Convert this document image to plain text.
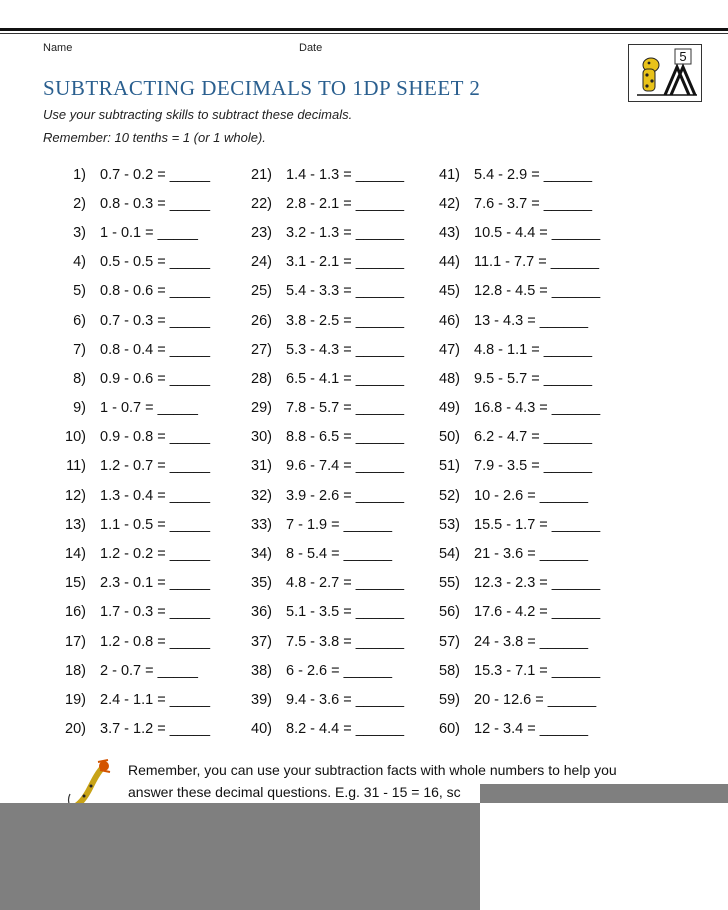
Name	Date
5
SUBTRACTING DECIMALS TO 1DP SHEET 2
Use your subtracting skills to subtract these decimals.
Remember: 10 tenths = 1 (or 1 whole).
1) 0.7 - 0.2 = _____
2) 0.8 - 0.3 = _____
3) 1 - 0.1 = _____
4) 0.5 - 0.5 = _____
5) 0.8 - 0.6 = _____
6) 0.7 - 0.3 = _____
7) 0.8 - 0.4 = _____
8) 0.9 - 0.6 = _____
9) 1 - 0.7 = _____
10) 0.9 - 0.8 = _____
11) 1.2 - 0.7 = _____
12) 1.3 - 0.4 = _____
13) 1.1 - 0.5 = _____
14) 1.2 - 0.2 = _____
15) 2.3 - 0.1 = _____
16) 1.7 - 0.3 = _____
17) 1.2 - 0.8 = _____
18) 2 - 0.7 = _____
19) 2.4 - 1.1 = _____
20) 3.7 - 1.2 = _____
21) 1.4 - 1.3 = ______
22) 2.8 - 2.1 = ______
23) 3.2 - 1.3 = ______
24) 3.1 - 2.1 = ______
25) 5.4 - 3.3 = ______
26) 3.8 - 2.5 = ______
27) 5.3 - 4.3 = ______
28) 6.5 - 4.1 = ______
29) 7.8 - 5.7 = ______
30) 8.8 - 6.5 = ______
31) 9.6 - 7.4 = ______
32) 3.9 - 2.6 = ______
33) 7 - 1.9 = ______
34) 8 - 5.4 = ______
35) 4.8 - 2.7 = ______
36) 5.1 - 3.5 = ______
37) 7.5 - 3.8 = ______
38) 6 - 2.6 = ______
39) 9.4 - 3.6 = ______
40) 8.2 - 4.4 = ______
41) 5.4 - 2.9 = ______
42) 7.6 - 3.7 = ______
43) 10.5 - 4.4 = ______
44) 11.1 - 7.7 = ______
45) 12.8 - 4.5 = ______
46) 13 - 4.3 = ______
47) 4.8 - 1.1 = ______
48) 9.5 - 5.7 = ______
49) 16.8 - 4.3 = ______
50) 6.2 - 4.7 = ______
51) 7.9 - 3.5 = ______
52) 10 - 2.6 = ______
53) 15.5 - 1.7 = ______
54) 21 - 3.6 = ______
55) 12.3 - 2.3 = ______
56) 17.6 - 4.2 = ______
57) 24 - 3.8 = ______
58) 15.3 - 7.1 = ______
59) 20 - 12.6 = ______
60) 12 - 3.4 = ______
Remember, you can use your subtraction facts with whole numbers to help you
answer these decimal questions. E.g. 31 - 15 = 16, sc
